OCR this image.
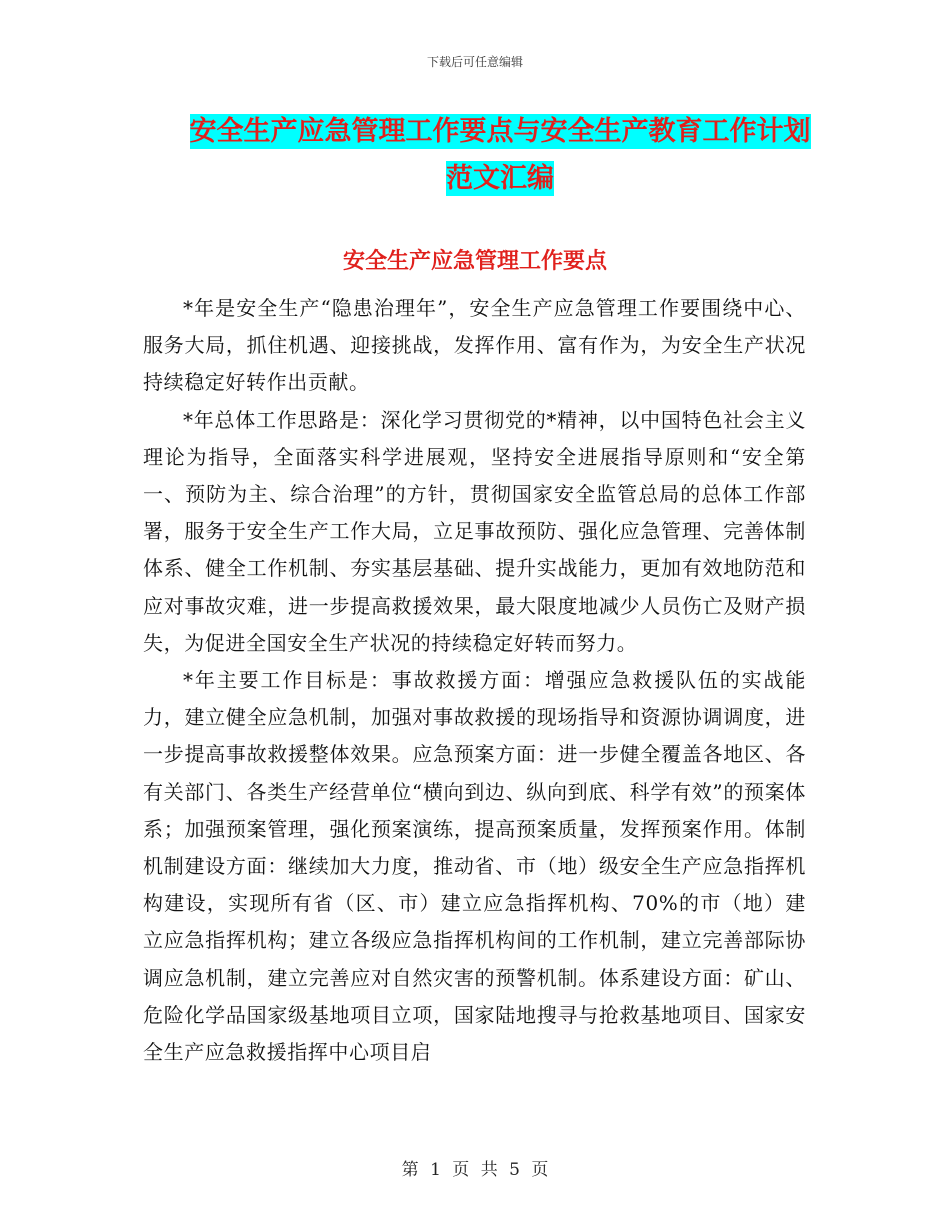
下载后可任意编辑
安全生产应急管理工作要点与安全生产教育工作计划
范文汇编
安全生产应急管理工作要点

*年是安全生产“隐患治理年”，安全生产应急管理工作要围绕中心、服务大局，抓住机遇、迎接挑战，发挥作用、富有作为，为安全生产状况持续稳定好转作出贡献。

*年总体工作思路是：深化学习贯彻党的*精神，以中国特色社会主义理论为指导，全面落实科学进展观，坚持安全进展指导原则和“安全第一、预防为主、综合治理”的方针，贯彻国家安全监管总局的总体工作部署，服务于安全生产工作大局，立足事故预防、强化应急管理、完善体制体系、健全工作机制、夯实基层基础、提升实战能力，更加有效地防范和应对事故灾难，进一步提高救援效果，最大限度地减少人员伤亡及财产损失，为促进全国安全生产状况的持续稳定好转而努力。

*年主要工作目标是：事故救援方面：增强应急救援队伍的实战能力，建立健全应急机制，加强对事故救援的现场指导和资源协调调度，进一步提高事故救援整体效果。应急预案方面：进一步健全覆盖各地区、各有关部门、各类生产经营单位“横向到边、纵向到底、科学有效”的预案体系；加强预案管理，强化预案演练，提高预案质量，发挥预案作用。体制机制建设方面：继续加大力度，推动省、市（地）级安全生产应急指挥机构建设，实现所有省（区、市）建立应急指挥机构、70%的市（地）建立应急指挥机构；建立各级应急指挥机构间的工作机制，建立完善部际协调应急机制，建立完善应对自然灾害的预警机制。体系建设方面：矿山、危险化学品国家级基地项目立项，国家陆地搜寻与抢救基地项目、国家安全生产应急救援指挥中心项目启

第 1 页 共 5 页
